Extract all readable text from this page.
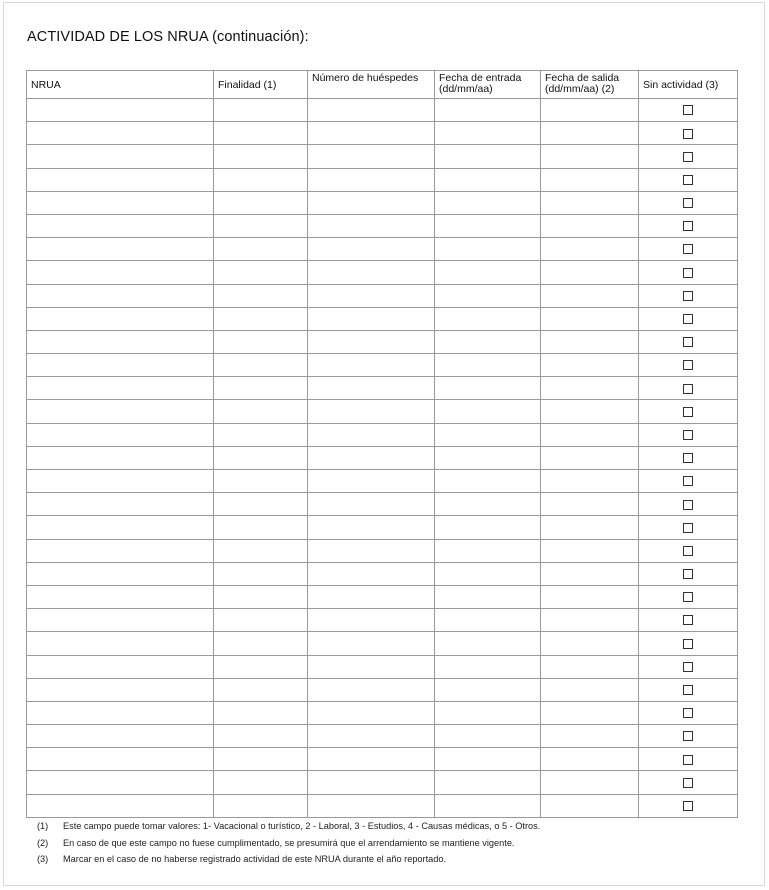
ACTIVIDAD DE LOS NRUA (continuación):
NRUA	Finalidad (1)	Número de huéspedes	Fecha de entrada (dd/mm/aa)	Fecha de salida (dd/mm/aa) (2)	Sin actividad (3)

(1)	Este campo puede tomar valores: 1- Vacacional o turístico, 2 - Laboral, 3 - Estudios, 4 - Causas médicas, o 5 - Otros.
(2)	En caso de que este campo no fuese cumplimentado, se presumirá que el arrendamiento se mantiene vigente.
(3)	Marcar en el caso de no haberse registrado actividad de este NRUA durante el año reportado.
